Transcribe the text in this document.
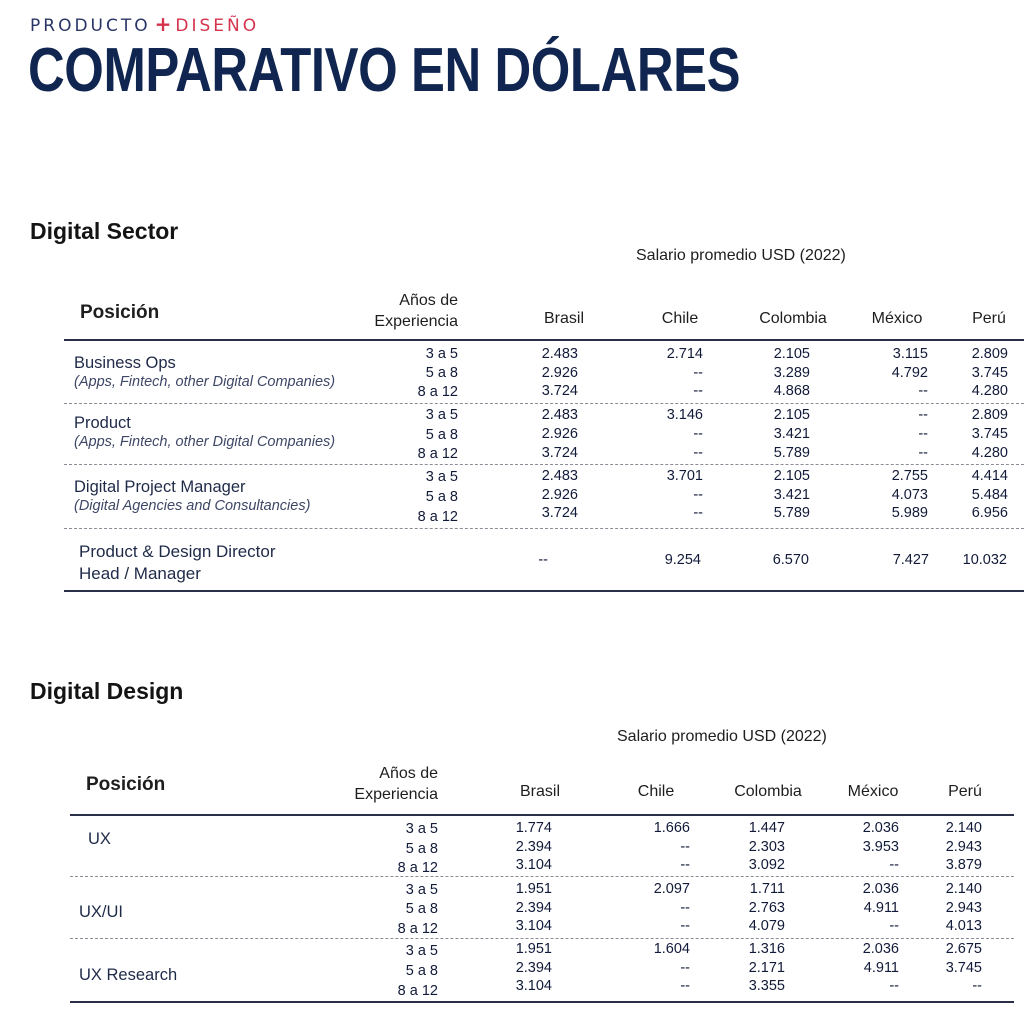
PRODUCTO + DISEÑO
COMPARATIVO EN DÓLARES
Digital Sector
Salario promedio USD (2022)
Posición
Años de
Experiencia	Brasil	Chile	Colombia	México	Perú
Business Ops
(Apps, Fintech, other Digital Companies)
3 a 5	2.483	2.714	2.105	3.115	2.809
5 a 8	2.926	--	3.289	4.792	3.745
8 a 12	3.724	--	4.868	--	4.280
Product
(Apps, Fintech, other Digital Companies)
3 a 5	2.483	3.146	2.105	--	2.809
5 a 8	2.926	--	3.421	--	3.745
8 a 12	3.724	--	5.789	--	4.280
Digital Project Manager
(Digital Agencies and Consultancies)
3 a 5	2.483	3.701	2.105	2.755	4.414
5 a 8	2.926	--	3.421	4.073	5.484
8 a 12	3.724	--	5.789	5.989	6.956
Product & Design Director
Head / Manager
--	9.254	6.570	7.427	10.032
Digital Design
Salario promedio USD (2022)
Posición
Años de
Experiencia	Brasil	Chile	Colombia	México	Perú
UX
3 a 5	1.774	1.666	1.447	2.036	2.140
5 a 8	2.394	--	2.303	3.953	2.943
8 a 12	3.104	--	3.092	--	3.879
UX/UI
3 a 5	1.951	2.097	1.711	2.036	2.140
5 a 8	2.394	--	2.763	4.911	2.943
8 a 12	3.104	--	4.079	--	4.013
UX Research
3 a 5	1.951	1.604	1.316	2.036	2.675
5 a 8	2.394	--	2.171	4.911	3.745
8 a 12	3.104	--	3.355	--	--
